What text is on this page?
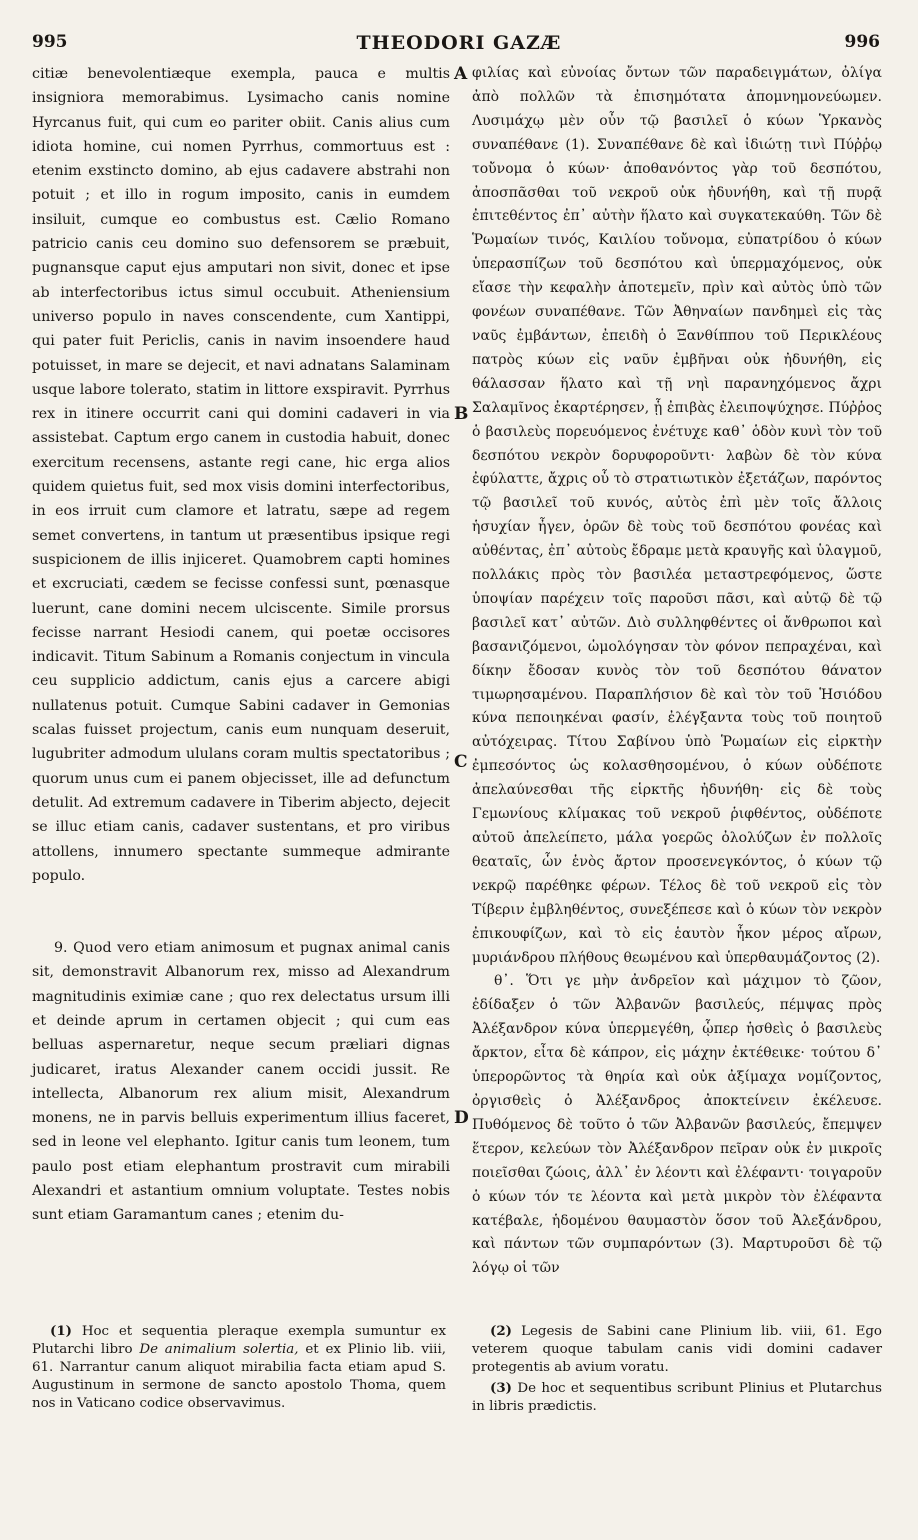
995	THEODORI GAZÆ	996

citiæ benevolentiæque exempla, pauca e multis insigniora memorabimus. Lysimacho canis nomine Hyrcanus fuit, qui cum eo pariter obiit. Canis alius cum idiota homine, cui nomen Pyrrhus, commortuus est : etenim exstincto domino, ab ejus cadavere abstrahi non potuit ; et illo in rogum imposito, canis in eumdem insiluit, cumque eo combustus est. Cælio Romano patricio canis ceu domino suo defensorem se præbuit, pugnansque caput ejus amputari non sivit, donec et ipse ab interfectoribus ictus simul occubuit. Atheniensium universo populo in naves conscendente, cum Xantippi, qui pater fuit Periclis, canis in navim insoendere haud potuisset, in mare se dejecit, et navi adnatans Salaminam usque labore tolerato, statim in littore exspiravit. Pyrrhus rex in itinere occurrit cani qui domini cadaveri in via assistebat. Captum ergo canem in custodia habuit, donec exercitum recensens, astante regi cane, hic erga alios quidem quietus fuit, sed mox visis domini interfectoribus, in eos irruit cum clamore et latratu, sæpe ad regem semet convertens, in tantum ut præsentibus ipsique regi suspicionem de illis injiceret. Quamobrem capti homines et excruciati, cædem se fecisse confessi sunt, pœnasque luerunt, cane domini necem ulciscente. Simile prorsus fecisse narrant Hesiodi canem, qui poetæ occisores indicavit. Titum Sabinum a Romanis conjectum in vincula ceu supplicio addictum, canis ejus a carcere abigi nullatenus potuit. Cumque Sabini cadaver in Gemonias scalas fuisset projectum, canis eum nunquam deseruit, lugubriter admodum ululans coram multis spectatoribus ; quorum unus cum ei panem objecisset, ille ad defunctum detulit. Ad extremum cadavere in Tiberim abjecto, dejecit se illuc etiam canis, cadaver sustentans, et pro viribus attollens, innumero spectante summeque admirante populo.

9. Quod vero etiam animosum et pugnax animal canis sit, demonstravit Albanorum rex, misso ad Alexandrum magnitudinis eximiæ cane ; quo rex delectatus ursum illi et deinde aprum in certamen objecit ; qui cum eas belluas aspernaretur, neque secum præliari dignas judicaret, iratus Alexander canem occidi jussit. Re intellecta, Albanorum rex alium misit, Alexandrum monens, ne in parvis belluis experimentum illius faceret, sed in leone vel elephanto. Igitur canis tum leonem, tum paulo post etiam elephantum prostravit cum mirabili Alexandri et astantium omnium voluptate. Testes nobis sunt etiam Garamantum canes ; etenim du-

A
B
C
D

φιλίας καὶ εὐνοίας ὄντων τῶν παραδειγμάτων, ὀλίγα ἀπὸ πολλῶν τὰ ἐπισημότατα ἀπομνημονεύωμεν. Λυσιμάχῳ μὲν οὖν τῷ βασιλεῖ ὁ κύων Ὑρκανὸς συναπέθανε (1). Συναπέθανε δὲ καὶ ἰδιώτῃ τινὶ Πύῤῥῳ τοὔνομα ὁ κύων· ἀποθανόντος γὰρ τοῦ δεσπότου, ἀποσπᾶσθαι τοῦ νεκροῦ οὐκ ἠδυνήθη, καὶ τῇ πυρᾷ ἐπιτεθέντος ἐπ᾽ αὐτὴν ἥλατο καὶ συγκατεκαύθη. Τῶν δὲ Ῥωμαίων τινός, Καιλίου τοὔνομα, εὐπατρίδου ὁ κύων ὑπερασπίζων τοῦ δεσπότου καὶ ὑπερμαχόμενος, οὐκ εἴασε τὴν κεφαλὴν ἀποτεμεῖν, πρὶν καὶ αὐτὸς ὑπὸ τῶν φονέων συναπέθανε. Τῶν Ἀθηναίων πανδημεὶ εἰς τὰς ναῦς ἐμβάντων, ἐπειδὴ ὁ Ξανθίππου τοῦ Περικλέους πατρὸς κύων εἰς ναῦν ἐμβῆναι οὐκ ἠδυνήθη, εἰς θάλασσαν ἥλατο καὶ τῇ νηὶ παρανηχόμενος ἄχρι Σαλαμῖνος ἐκαρτέρησεν, ᾗ ἐπιβὰς ἐλειποψύχησε. Πύῤῥος ὁ βασιλεὺς πορευόμενος ἐνέτυχε καθ᾽ ὁδὸν κυνὶ τὸν τοῦ δεσπότου νεκρὸν δορυφοροῦντι· λαβὼν δὲ τὸν κύνα ἐφύλαττε, ἄχρις οὗ τὸ στρατιωτικὸν ἐξετάζων, παρόντος τῷ βασιλεῖ τοῦ κυνός, αὐτὸς ἐπὶ μὲν τοῖς ἄλλοις ἡσυχίαν ἦγεν, ὁρῶν δὲ τοὺς τοῦ δεσπότου φονέας καὶ αὐθέντας, ἐπ᾽ αὐτοὺς ἔδραμε μετὰ κραυγῆς καὶ ὑλαγμοῦ, πολλάκις πρὸς τὸν βασιλέα μεταστρεφόμενος, ὥστε ὑποψίαν παρέχειν τοῖς παροῦσι πᾶσι, καὶ αὐτῷ δὲ τῷ βασιλεῖ κατ᾽ αὐτῶν. Διὸ συλληφθέντες οἱ ἄνθρωποι καὶ βασανιζόμενοι, ὡμολόγησαν τὸν φόνον πεπραχέναι, καὶ δίκην ἔδοσαν κυνὸς τὸν τοῦ δεσπότου θάνατον τιμωρησαμένου. Παραπλήσιον δὲ καὶ τὸν τοῦ Ἡσιόδου κύνα πεποιηκέναι φασίν, ἐλέγξαντα τοὺς τοῦ ποιητοῦ αὐτόχειρας. Τίτου Σαβίνου ὑπὸ Ῥωμαίων εἰς εἱρκτὴν ἐμπεσόντος ὡς κολασθησομένου, ὁ κύων οὐδέποτε ἀπελαύνεσθαι τῆς εἱρκτῆς ἠδυνήθη· εἰς δὲ τοὺς Γεμωνίους κλίμακας τοῦ νεκροῦ ῥιφθέντος, οὐδέποτε αὐτοῦ ἀπελείπετο, μάλα γοερῶς ὀλολύζων ἐν πολλοῖς θεαταῖς, ὧν ἑνὸς ἄρτον προσενεγκόντος, ὁ κύων τῷ νεκρῷ παρέθηκε φέρων. Τέλος δὲ τοῦ νεκροῦ εἰς τὸν Τίβεριν ἐμβληθέντος, συνεξέπεσε καὶ ὁ κύων τὸν νεκρὸν ἐπικουφίζων, καὶ τὸ εἰς ἑαυτὸν ἧκον μέρος αἴρων, μυριάνδρου πλήθους θεωμένου καὶ ὑπερθαυμάζοντος (2).

θ᾽. Ὅτι γε μὴν ἀνδρεῖον καὶ μάχιμον τὸ ζῶον, ἐδίδαξεν ὁ τῶν Ἀλβανῶν βασιλεύς, πέμψας πρὸς Ἀλέξανδρον κύνα ὑπερμεγέθη, ᾧπερ ἡσθεὶς ὁ βασιλεὺς ἄρκτον, εἶτα δὲ κάπρον, εἰς μάχην ἐκτέθεικε· τούτου δ᾽ ὑπερορῶντος τὰ θηρία καὶ οὐκ ἀξίμαχα νομίζοντος, ὀργισθεὶς ὁ Ἀλέξανδρος ἀποκτείνειν ἐκέλευσε. Πυθόμενος δὲ τοῦτο ὁ τῶν Ἀλβανῶν βασιλεύς, ἔπεμψεν ἕτερον, κελεύων τὸν Ἀλέξανδρον πεῖραν οὐκ ἐν μικροῖς ποιεῖσθαι ζώοις, ἀλλ᾽ ἐν λέοντι καὶ ἐλέφαντι· τοιγαροῦν ὁ κύων τόν τε λέοντα καὶ μετὰ μικρὸν τὸν ἐλέφαντα κατέβαλε, ἡδομένου θαυμαστὸν ὅσον τοῦ Ἀλεξάνδρου, καὶ πάντων τῶν συμπαρόντων (3). Μαρτυροῦσι δὲ τῷ λόγῳ οἱ τῶν

(1) Hoc et sequentia pleraque exempla sumuntur ex Plutarchi libro De animalium solertia, et ex Plinio lib. viii, 61. Narrantur canum aliquot mirabilia facta etiam apud S. Augustinum in sermone de sancto apostolo Thoma, quem nos in Vaticano codice observavimus.

(2) Legesis de Sabini cane Plinium lib. viii, 61. Ego veterem quoque tabulam canis vidi domini cadaver protegentis ab avium voratu.

(3) De hoc et sequentibus scribunt Plinius et Plutarchus in libris prædictis.
